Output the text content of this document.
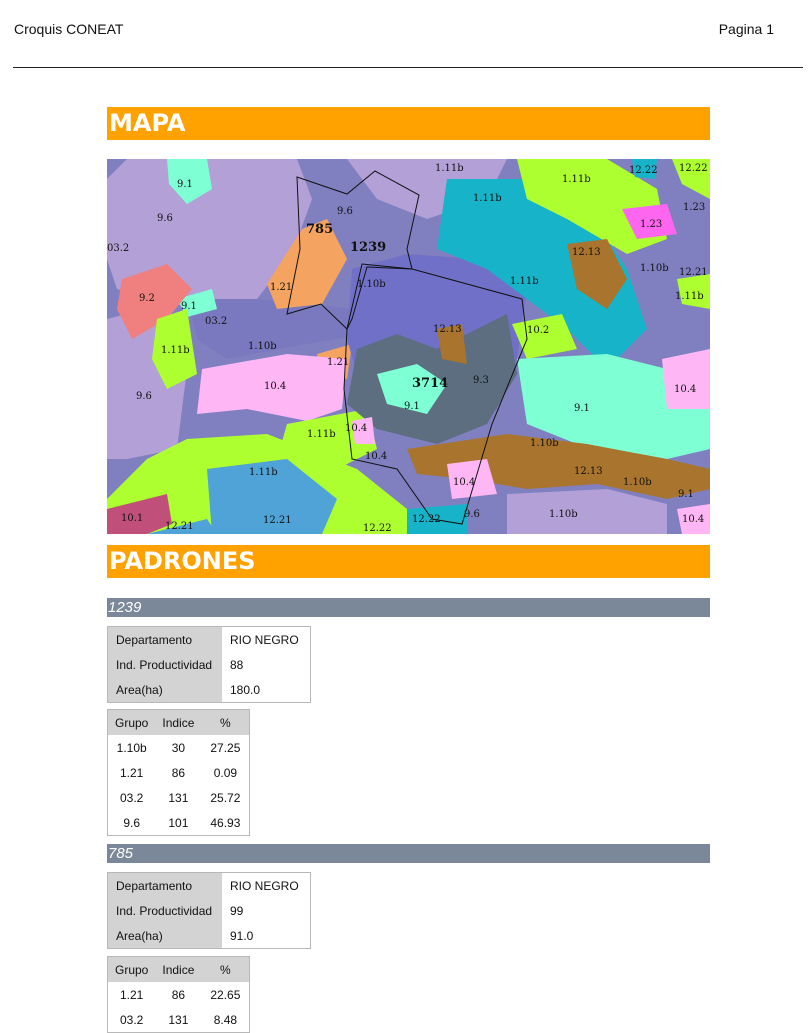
Croquis CONEAT	Pagina 1
MAPA
9.1
9.6
03.2
9.2
9.1
03.2
1.11b
9.6
785
9.6
1239
1.21	1.10b
1.10b
1.21
10.4	3714
12.13
9.3
9.1
10.4
10.4
1.11b
1.11b
10.1
12.21
12.21
12.22
12.22 9.6
1.11b
1.11b
1.11b
12.22 12.22
1.23
1.23
12.13
1.10b 12.21
1.11b
10.2
1.11b
9.1
10.4
1.10b
12.13
1.10b
9.1
10.4
10.4
1.10b
PADRONES
1239
Departamento	RIO NEGRO
Ind. Productividad	88
Area(ha)	180.0
Grupo	Indice	%
1.10b	30	27.25
1.21	86	0.09
03.2	131	25.72
9.6	101	46.93
785
Departamento	RIO NEGRO
Ind. Productividad	99
Area(ha)	91.0
Grupo	Indice	%
1.21	86	22.65
03.2	131	8.48
